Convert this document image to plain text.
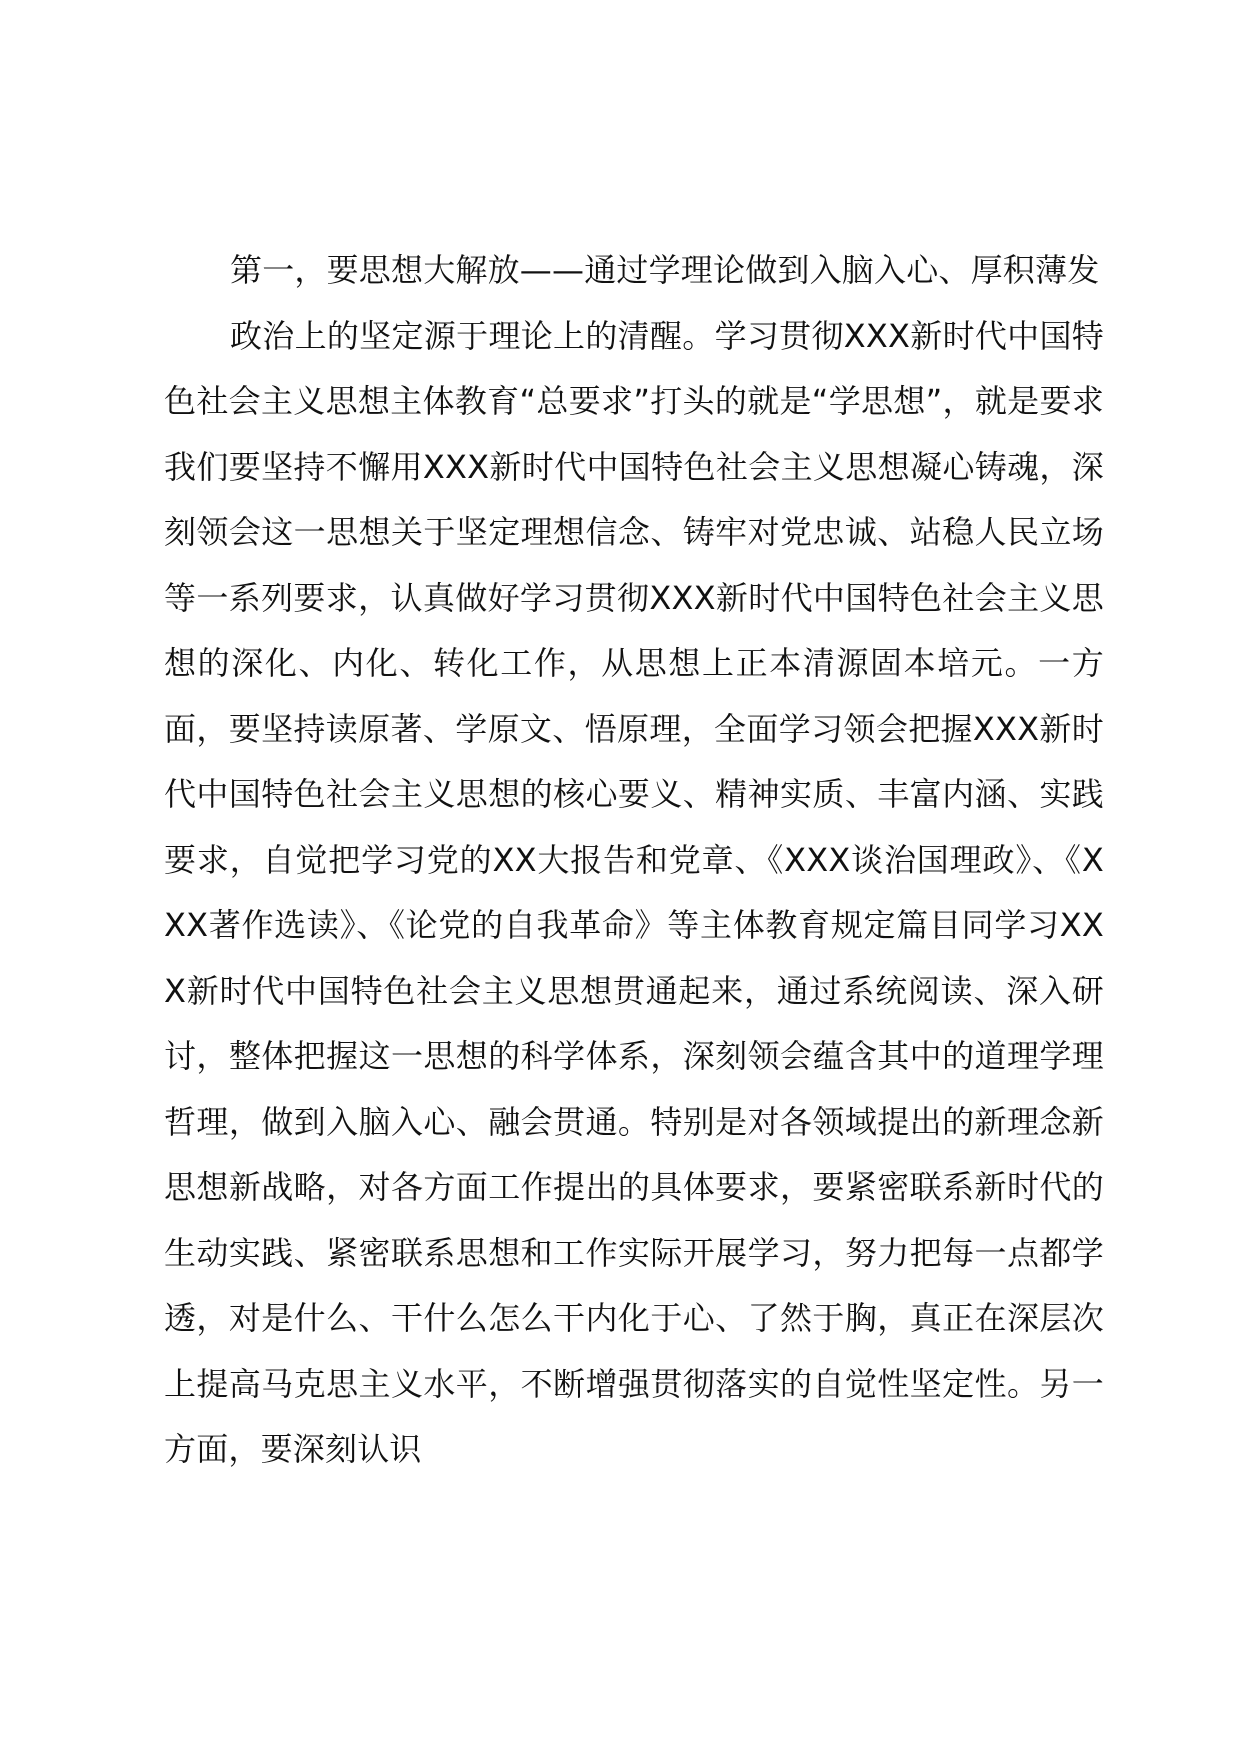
第一，要思想大解放——通过学理论做到入脑入心、厚积薄发

政治上的坚定源于理论上的清醒。学习贯彻XXX新时代中国特色社会主义思想主体教育“总要求”打头的就是“学思想”，就是要求我们要坚持不懈用XXX新时代中国特色社会主义思想凝心铸魂，深刻领会这一思想关于坚定理想信念、铸牢对党忠诚、站稳人民立场等一系列要求，认真做好学习贯彻XXX新时代中国特色社会主义思想的深化、内化、转化工作，从思想上正本清源固本培元。一方面，要坚持读原著、学原文、悟原理，全面学习领会把握XXX新时代中国特色社会主义思想的核心要义、精神实质、丰富内涵、实践要求，自觉把学习党的XX大报告和党章、《XXX谈治国理政》、《XXX著作选读》、《论党的自我革命》等主体教育规定篇目同学习XXX新时代中国特色社会主义思想贯通起来，通过系统阅读、深入研讨，整体把握这一思想的科学体系，深刻领会蕴含其中的道理学理哲理，做到入脑入心、融会贯通。特别是对各领域提出的新理念新思想新战略，对各方面工作提出的具体要求，要紧密联系新时代的生动实践、紧密联系思想和工作实际开展学习，努力把每一点都学透，对是什么、干什么怎么干内化于心、了然于胸，真正在深层次上提高马克思主义水平，不断增强贯彻落实的自觉性坚定性。另一方面，要深刻认识
